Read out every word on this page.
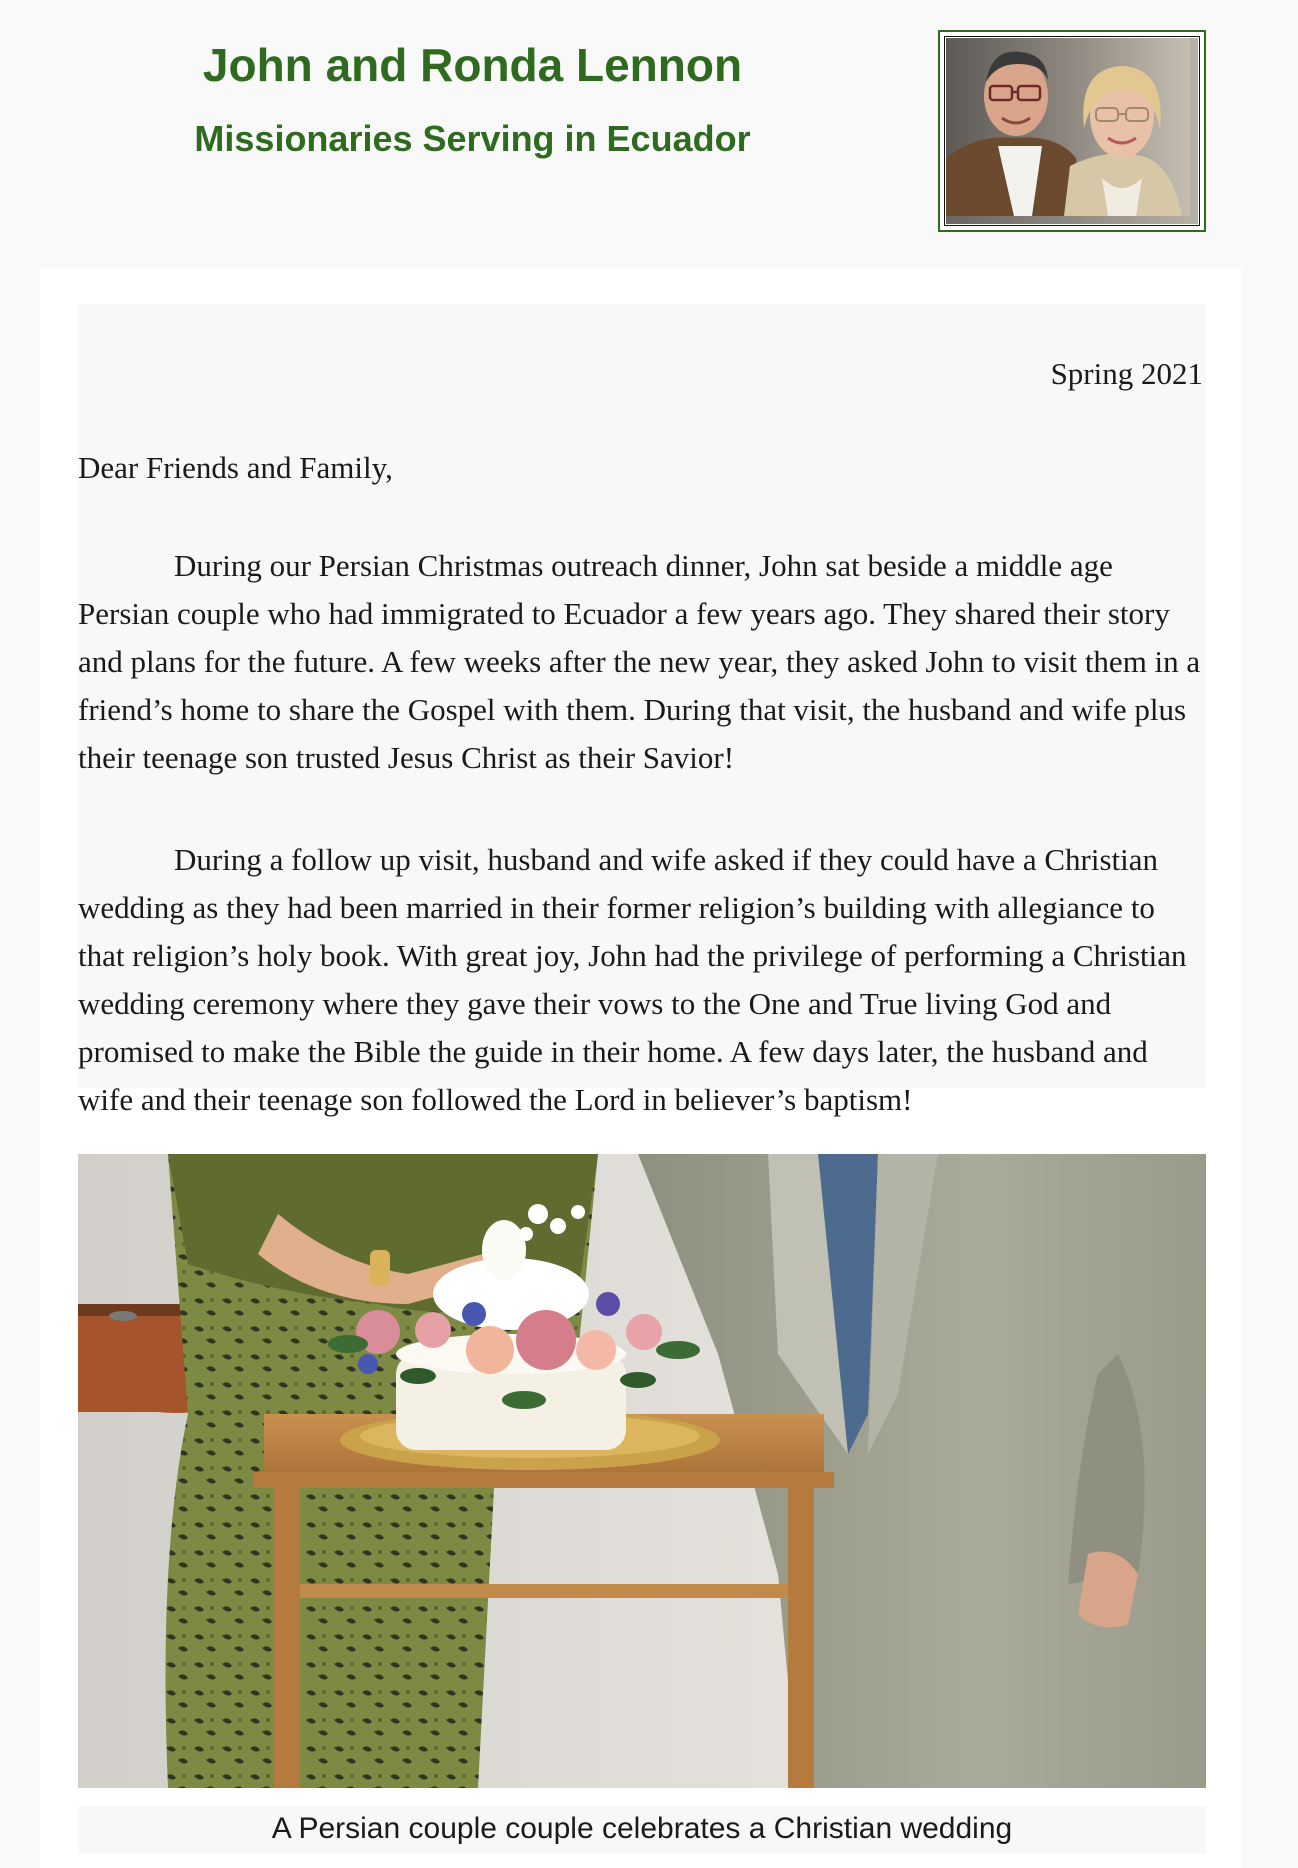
John and Ronda Lennon
Missionaries Serving in Ecuador

Spring 2021

Dear Friends and Family,

During our Persian Christmas outreach dinner, John sat beside a middle age Persian couple who had immigrated to Ecuador a few years ago. They shared their story and plans for the future. A few weeks after the new year, they asked John to visit them in a friend’s home to share the Gospel with them. During that visit, the husband and wife plus their teenage son trusted Jesus Christ as their Savior!

During a follow up visit, husband and wife asked if they could have a Christian wedding as they had been married in their former religion’s building with allegiance to that religion’s holy book. With great joy, John had the privilege of performing a Christian wedding ceremony where they gave their vows to the One and True living God and promised to make the Bible the guide in their home. A few days later, the husband and wife and their teenage son followed the Lord in believer’s baptism!

A Persian couple couple celebrates a Christian wedding
